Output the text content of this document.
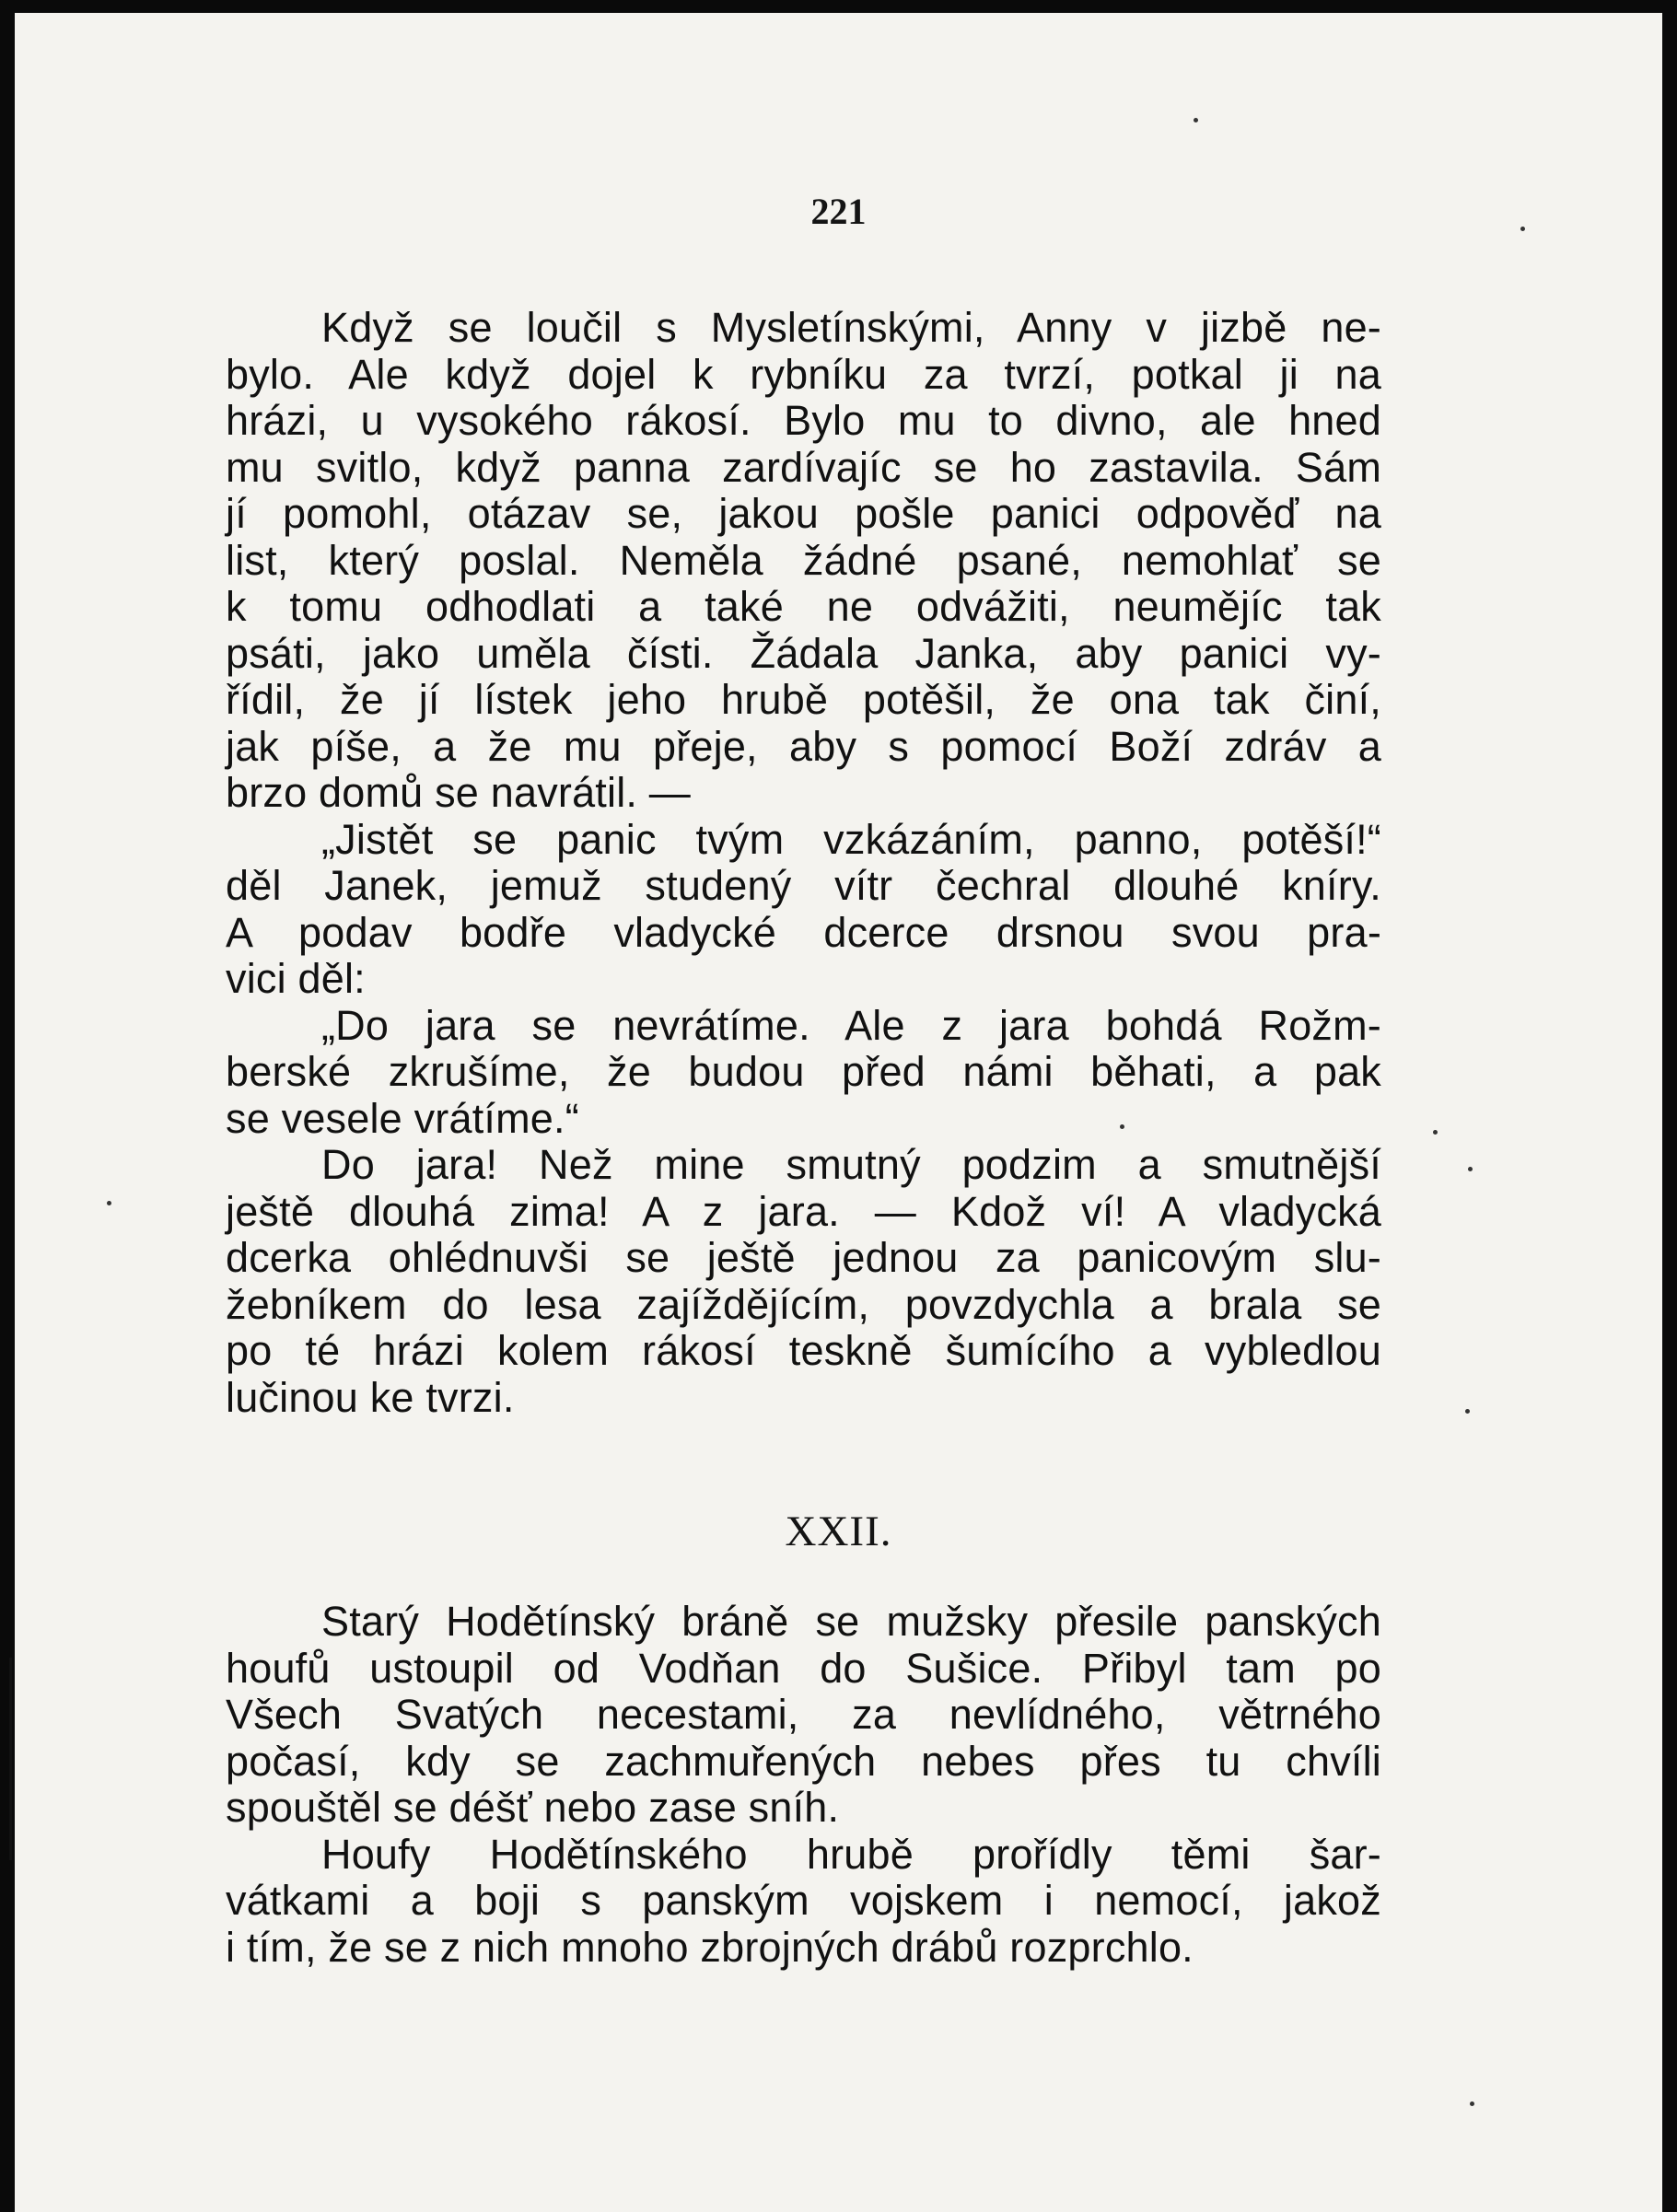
221

Když se loučil s Mysletínskými, Anny v jizbě ne-

bylo. Ale když dojel k rybníku za tvrzí, potkal ji na

hrázi, u vysokého rákosí. Bylo mu to divno, ale hned

mu svitlo, když panna zardívajíc se ho zastavila. Sám

jí pomohl, otázav se, jakou pošle panici odpověď na

list, který poslal. Neměla žádné psané, nemohlať se

k tomu odhodlati a také ne odvážiti, neumějíc tak

psáti, jako uměla čísti. Žádala Janka, aby panici vy-

řídil, že jí lístek jeho hrubě potěšil, že ona tak činí,

jak píše, a že mu přeje, aby s pomocí Boží zdráv a

brzo domů se navrátil. —

„Jistět se panic tvým vzkázáním, panno, potěší!“

děl Janek, jemuž studený vítr čechral dlouhé kníry.

A podav bodře vladycké dcerce drsnou svou pra-

vici děl:

„Do jara se nevrátíme. Ale z jara bohdá Rožm-

berské zkrušíme, že budou před námi běhati, a pak

se vesele vrátíme.“

Do jara! Než mine smutný podzim a smutnější

ještě dlouhá zima! A z jara. — Kdož ví! A vladycká

dcerka ohlédnuvši se ještě jednou za panicovým slu-

žebníkem do lesa zajíždějícím, povzdychla a brala se

po té hrázi kolem rákosí teskně šumícího a vybledlou

lučinou ke tvrzi.

XXII.

Starý Hodětínský bráně se mužsky přesile panských

houfů ustoupil od Vodňan do Sušice. Přibyl tam po

Všech Svatých necestami, za nevlídného, větrného

počasí, kdy se zachmuřených nebes přes tu chvíli

spouštěl se déšť nebo zase sníh.

Houfy Hodětínského hrubě prořídly těmi šar-

vátkami a boji s panským vojskem i nemocí, jakož

i tím, že se z nich mnoho zbrojných drábů rozprchlo.
